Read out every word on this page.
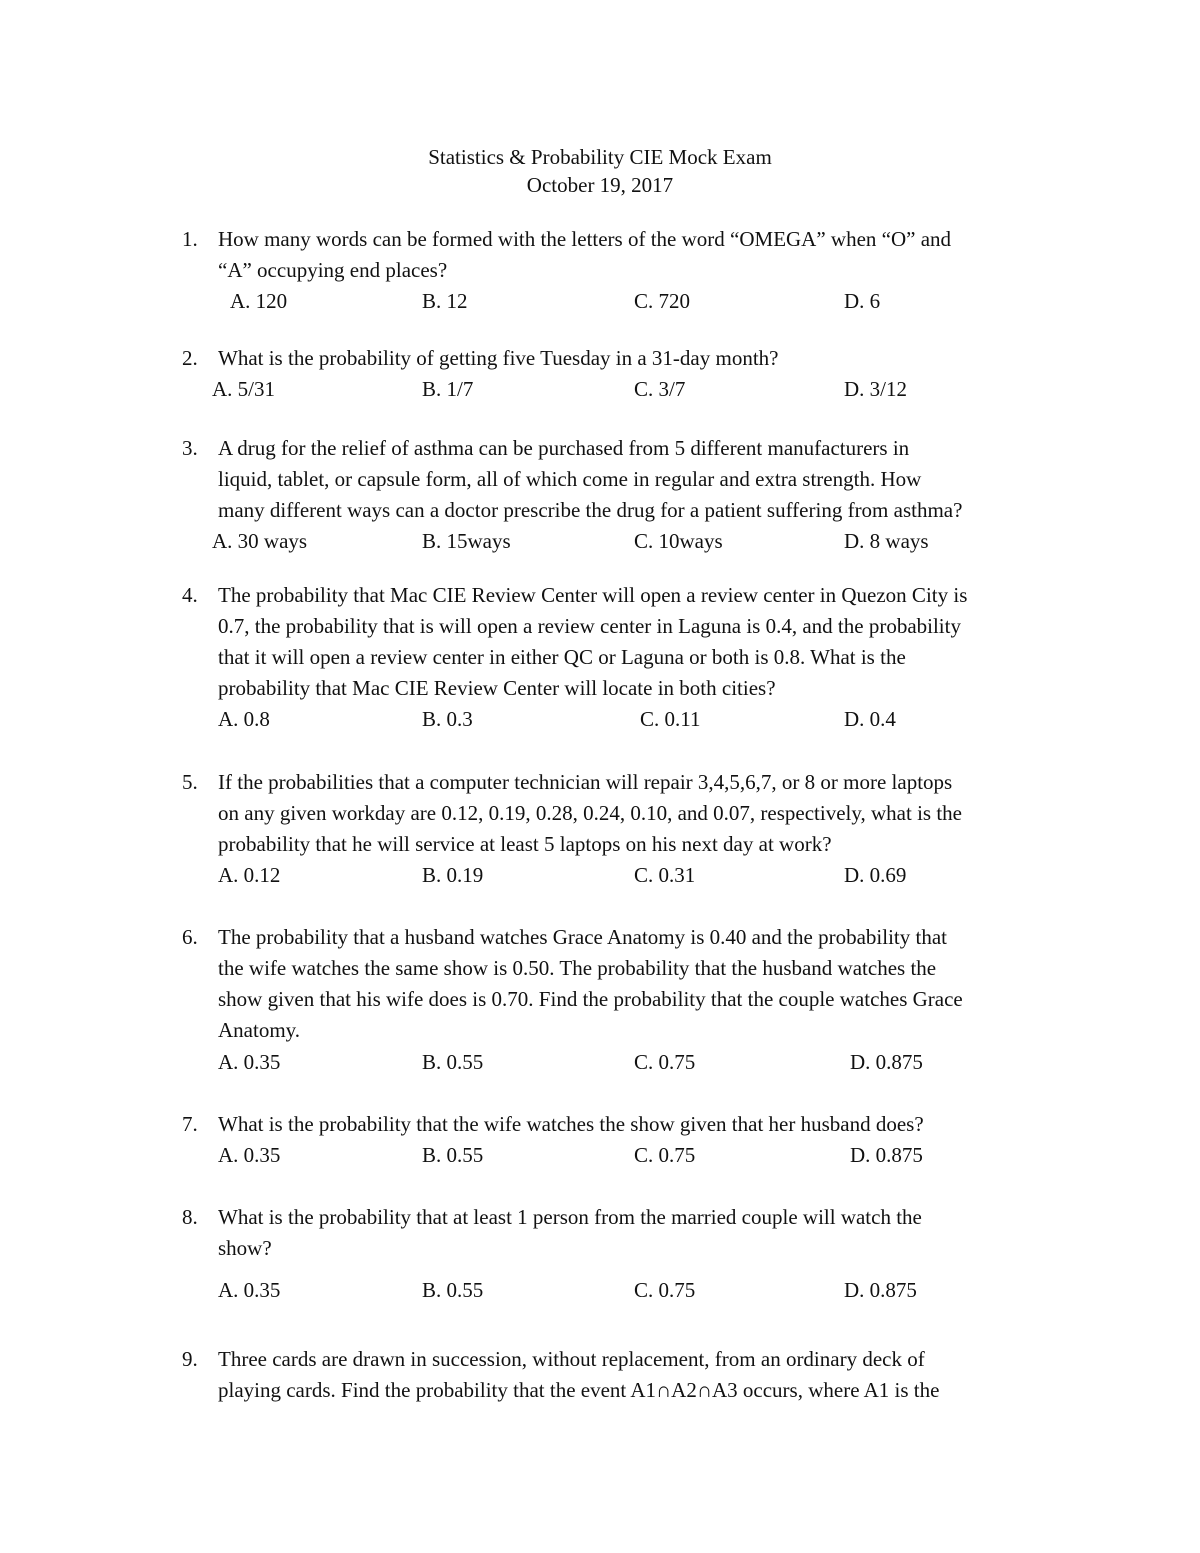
Statistics & Probability CIE Mock Exam
October 19, 2017
1. How many words can be formed with the letters of the word “OMEGA” when “O” and
“A” occupying end places?
A. 120	B. 12	C. 720	D. 6
2. What is the probability of getting five Tuesday in a 31-day month?
A. 5/31	B. 1/7	C. 3/7	D. 3/12
3. A drug for the relief of asthma can be purchased from 5 different manufacturers in
liquid, tablet, or capsule form, all of which come in regular and extra strength. How
many different ways can a doctor prescribe the drug for a patient suffering from asthma?
A. 30 ways	B. 15ways	C. 10ways	D. 8 ways
4. The probability that Mac CIE Review Center will open a review center in Quezon City is
0.7, the probability that is will open a review center in Laguna is 0.4, and the probability
that it will open a review center in either QC or Laguna or both is 0.8. What is the
probability that Mac CIE Review Center will locate in both cities?
A. 0.8	B. 0.3	C. 0.11	D. 0.4
5. If the probabilities that a computer technician will repair 3,4,5,6,7, or 8 or more laptops
on any given workday are 0.12, 0.19, 0.28, 0.24, 0.10, and 0.07, respectively, what is the
probability that he will service at least 5 laptops on his next day at work?
A. 0.12	B. 0.19	C. 0.31	D. 0.69
6. The probability that a husband watches Grace Anatomy is 0.40 and the probability that
the wife watches the same show is 0.50. The probability that the husband watches the
show given that his wife does is 0.70. Find the probability that the couple watches Grace
Anatomy.
A. 0.35	B. 0.55	C. 0.75	D. 0.875
7. What is the probability that the wife watches the show given that her husband does?
A. 0.35	B. 0.55	C. 0.75	D. 0.875
8. What is the probability that at least 1 person from the married couple will watch the
show?
A. 0.35	B. 0.55	C. 0.75	D. 0.875
9. Three cards are drawn in succession, without replacement, from an ordinary deck of
playing cards. Find the probability that the event A1∩A2∩A3 occurs, where A1 is the
